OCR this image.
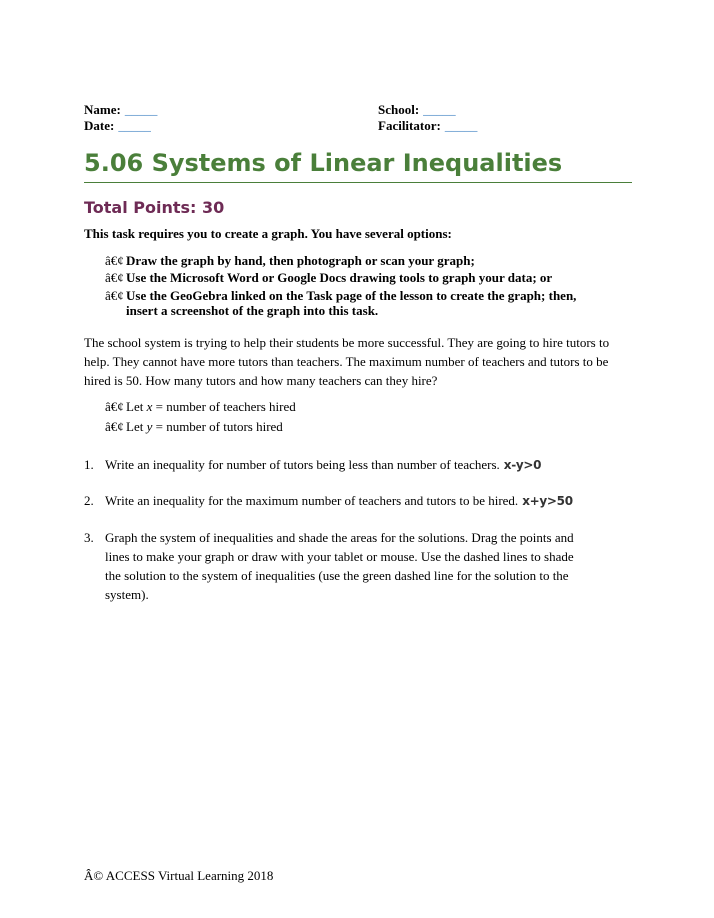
Name: _____
Date: _____
School: _____
Facilitator: _____
5.06 Systems of Linear Inequalities
Total Points: 30
This task requires you to create a graph. You have several options:
â€¢ Draw the graph by hand, then photograph or scan your graph;
â€¢ Use the Microsoft Word or Google Docs drawing tools to graph your data; or
â€¢ Use the GeoGebra linked on the Task page of the lesson to create the graph; then,
insert a screenshot of the graph into this task.
The school system is trying to help their students be more successful. They are going to hire tutors to help. They cannot have more tutors than teachers. The maximum number of teachers and tutors to be hired is 50. How many tutors and how many teachers can they hire?
â€¢ Let x = number of teachers hired
â€¢ Let y = number of tutors hired
1. Write an inequality for number of tutors being less than number of teachers. x-y>0
2. Write an inequality for the maximum number of teachers and tutors to be hired. x+y>50
3. Graph the system of inequalities and shade the areas for the solutions. Drag the points and
lines to make your graph or draw with your tablet or mouse. Use the dashed lines to shade
the solution to the system of inequalities (use the green dashed line for the solution to the
system).
Â© ACCESS Virtual Learning 2018
